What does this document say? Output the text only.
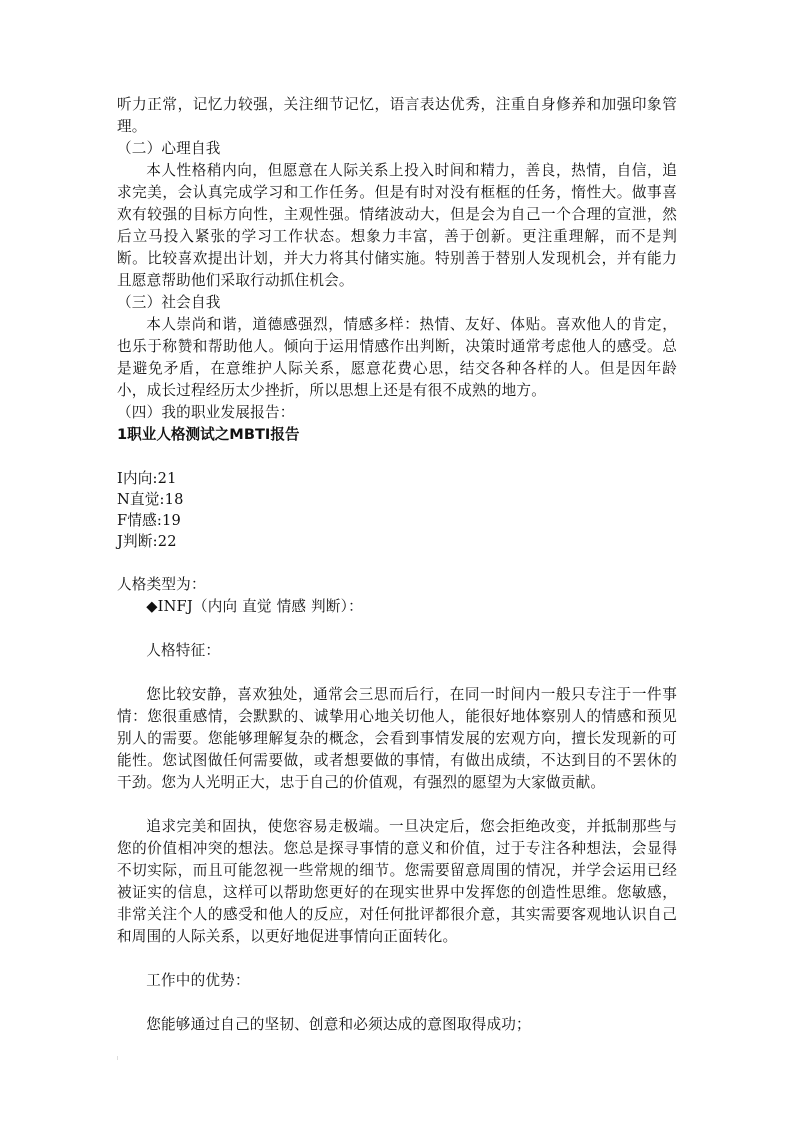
听力正常，记忆力较强，关注细节记忆，语言表达优秀，注重自身修养和加强印象管理。

（二）心理自我

本人性格稍内向，但愿意在人际关系上投入时间和精力，善良，热情，自信，追求完美，会认真完成学习和工作任务。但是有时对没有框框的任务，惰性大。做事喜欢有较强的目标方向性，主观性强。情绪波动大，但是会为自己一个合理的宣泄，然后立马投入紧张的学习工作状态。想象力丰富，善于创新。更注重理解，而不是判断。比较喜欢提出计划，并大力将其付储实施。特别善于替别人发现机会，并有能力且愿意帮助他们采取行动抓住机会。

（三）社会自我

本人崇尚和谐，道德感强烈，情感多样：热情、友好、体贴。喜欢他人的肯定，也乐于称赞和帮助他人。倾向于运用情感作出判断，决策时通常考虑他人的感受。总是避免矛盾，在意维护人际关系，愿意花费心思，结交各种各样的人。但是因年龄小，成长过程经历太少挫折，所以思想上还是有很不成熟的地方。

（四）我的职业发展报告：

1职业人格测试之MBTI报告

I内向:21

N直觉:18

F情感:19

J判断:22

人格类型为：

◆INFJ（内向 直觉 情感 判断）：

人格特征：

您比较安静，喜欢独处，通常会三思而后行，在同一时间内一般只专注于一件事情：您很重感情，会默默的、诚挚用心地关切他人，能很好地体察别人的情感和预见别人的需要。您能够理解复杂的概念，会看到事情发展的宏观方向，擅长发现新的可能性。您试图做任何需要做，或者想要做的事情，有做出成绩，不达到目的不罢休的干劲。您为人光明正大，忠于自己的价值观，有强烈的愿望为大家做贡献。

追求完美和固执，使您容易走极端。一旦决定后，您会拒绝改变，并抵制那些与您的价值相冲突的想法。您总是探寻事情的意义和价值，过于专注各种想法，会显得不切实际，而且可能忽视一些常规的细节。您需要留意周围的情况，并学会运用已经被证实的信息，这样可以帮助您更好的在现实世界中发挥您的创造性思维。您敏感，非常关注个人的感受和他人的反应，对任何批评都很介意，其实需要客观地认识自己和周围的人际关系，以更好地促进事情向正面转化。

工作中的优势：

您能够通过自己的坚韧、创意和必须达成的意图取得成功；
